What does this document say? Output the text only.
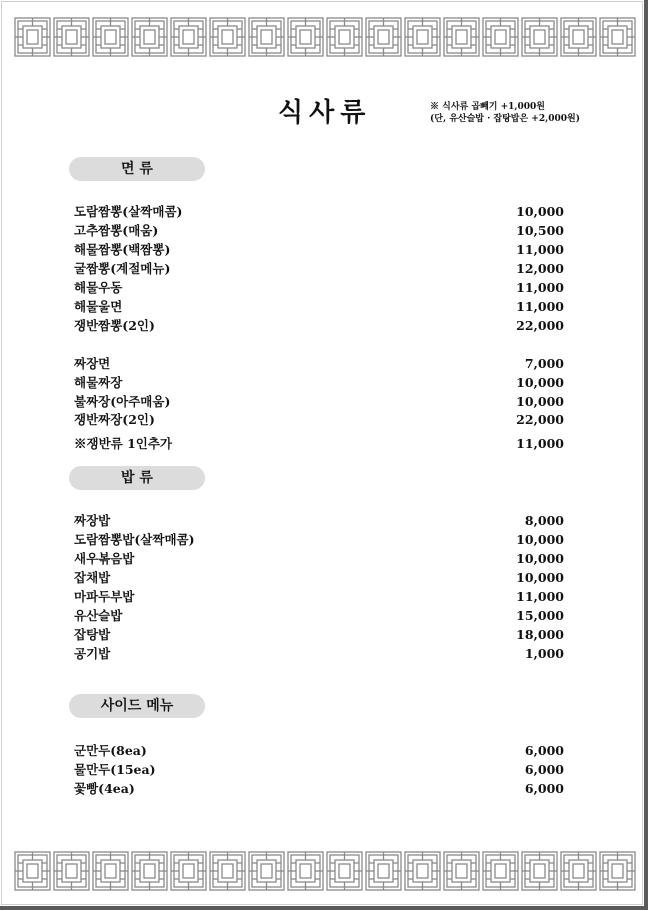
식사류	※ 식사류 곱빼기 +1,000원
(단, 유산슬밥 · 잡탕밥은 +2,000원)
면 류
도람짬뽕(살짝매콤)	10,000
고추짬뽕(매움)	10,500
해물짬뽕(백짬뽕)	11,000
굴짬뽕(계절메뉴)	12,000
해물우동	11,000
해물울면	11,000
쟁반짬뽕(2인)	22,000
짜장면	7,000
해물짜장	10,000
불짜장(아주매움)	10,000
쟁반짜장(2인)	22,000
※쟁반류 1인추가	11,000
밥 류
짜장밥	8,000
도람짬뽕밥(살짝매콤)	10,000
새우볶음밥	10,000
잡채밥	10,000
마파두부밥	11,000
유산슬밥	15,000
잡탕밥	18,000
공기밥	1,000
사이드 메뉴
군만두(8ea)	6,000
물만두(15ea)	6,000
꽃빵(4ea)	6,000
